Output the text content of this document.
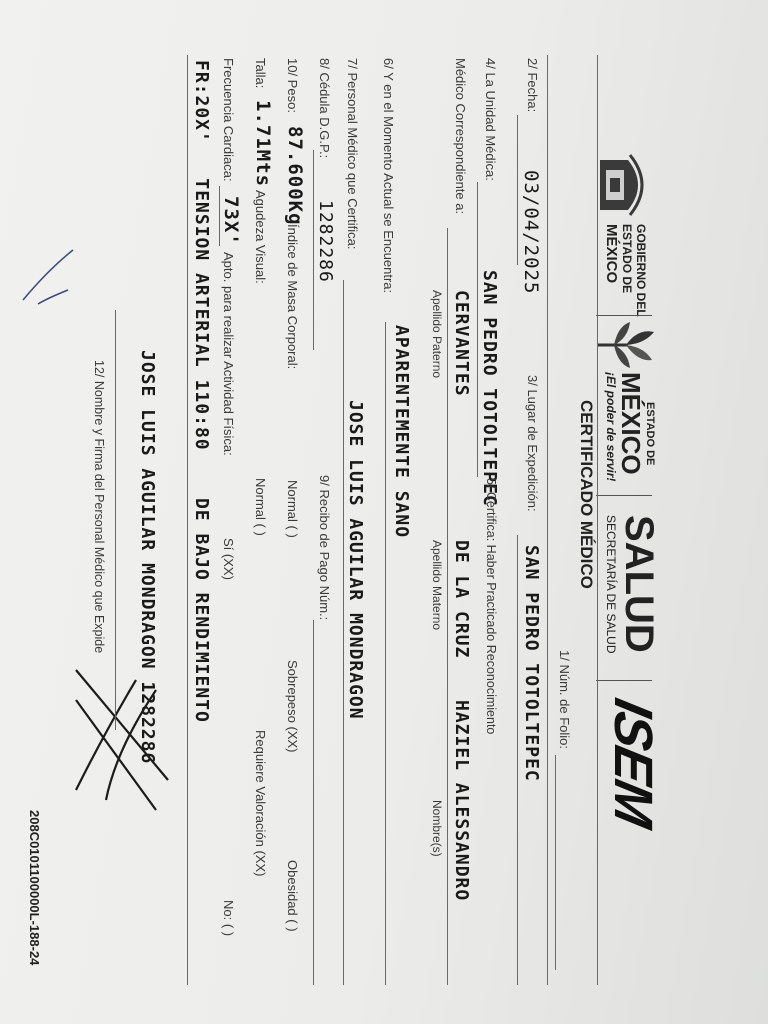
GOBIERNO DEL
ESTADO DE
MÉXICO
ESTADO DE
MÉXICO
¡El poder de servir!
SALUD
SECRETARÍA DE SALUD
ISEM
CERTIFICADO MÉDICO
1/ Núm. de Folio:
2/ Fecha:
03/04/2025
3/ Lugar de Expedición:
SAN PEDRO TOTOLTEPEC
4/ La Unidad Médica:
SAN PEDRO TOTOLTEPEC
5/ Certifica: Haber Practicado Reconocimiento
Médico Correspondiente a:
CERVANTES
DE LA CRUZ
HAZIEL ALESSANDRO
Apellido Paterno
Apellido Materno
Nombre(s)
6/ Y en el Momento Actual se Encuentra:
APARENTEMENTE SANO
7/ Personal Médico que Certifica:
JOSE LUIS AGUILAR MONDRAGON
8/ Cédula D.G.P.:
1282286
9/ Recibo de Pago Núm.:
10/ Peso:
87.600Kg
Índice de Masa Corporal:
Normal ( )
Sobrepeso (XX)
Obesidad ( )
Talla:
1.71Mts
Agudeza Visual:
Normal ( )
Requiere Valoración (XX)
Frecuencia Cardiaca:
73X'
Apto. para realizar Actividad Física:
Sí (XX)
No: ( )
FR:20X'   TENSION ARTERIAL 110:80    DE BAJO RENDIMIENTO
JOSE LUIS AGUILAR MONDRAGON 1282286
12/ Nombre y Firma del Personal Médico que Expide
208C0101100000L-188-24
